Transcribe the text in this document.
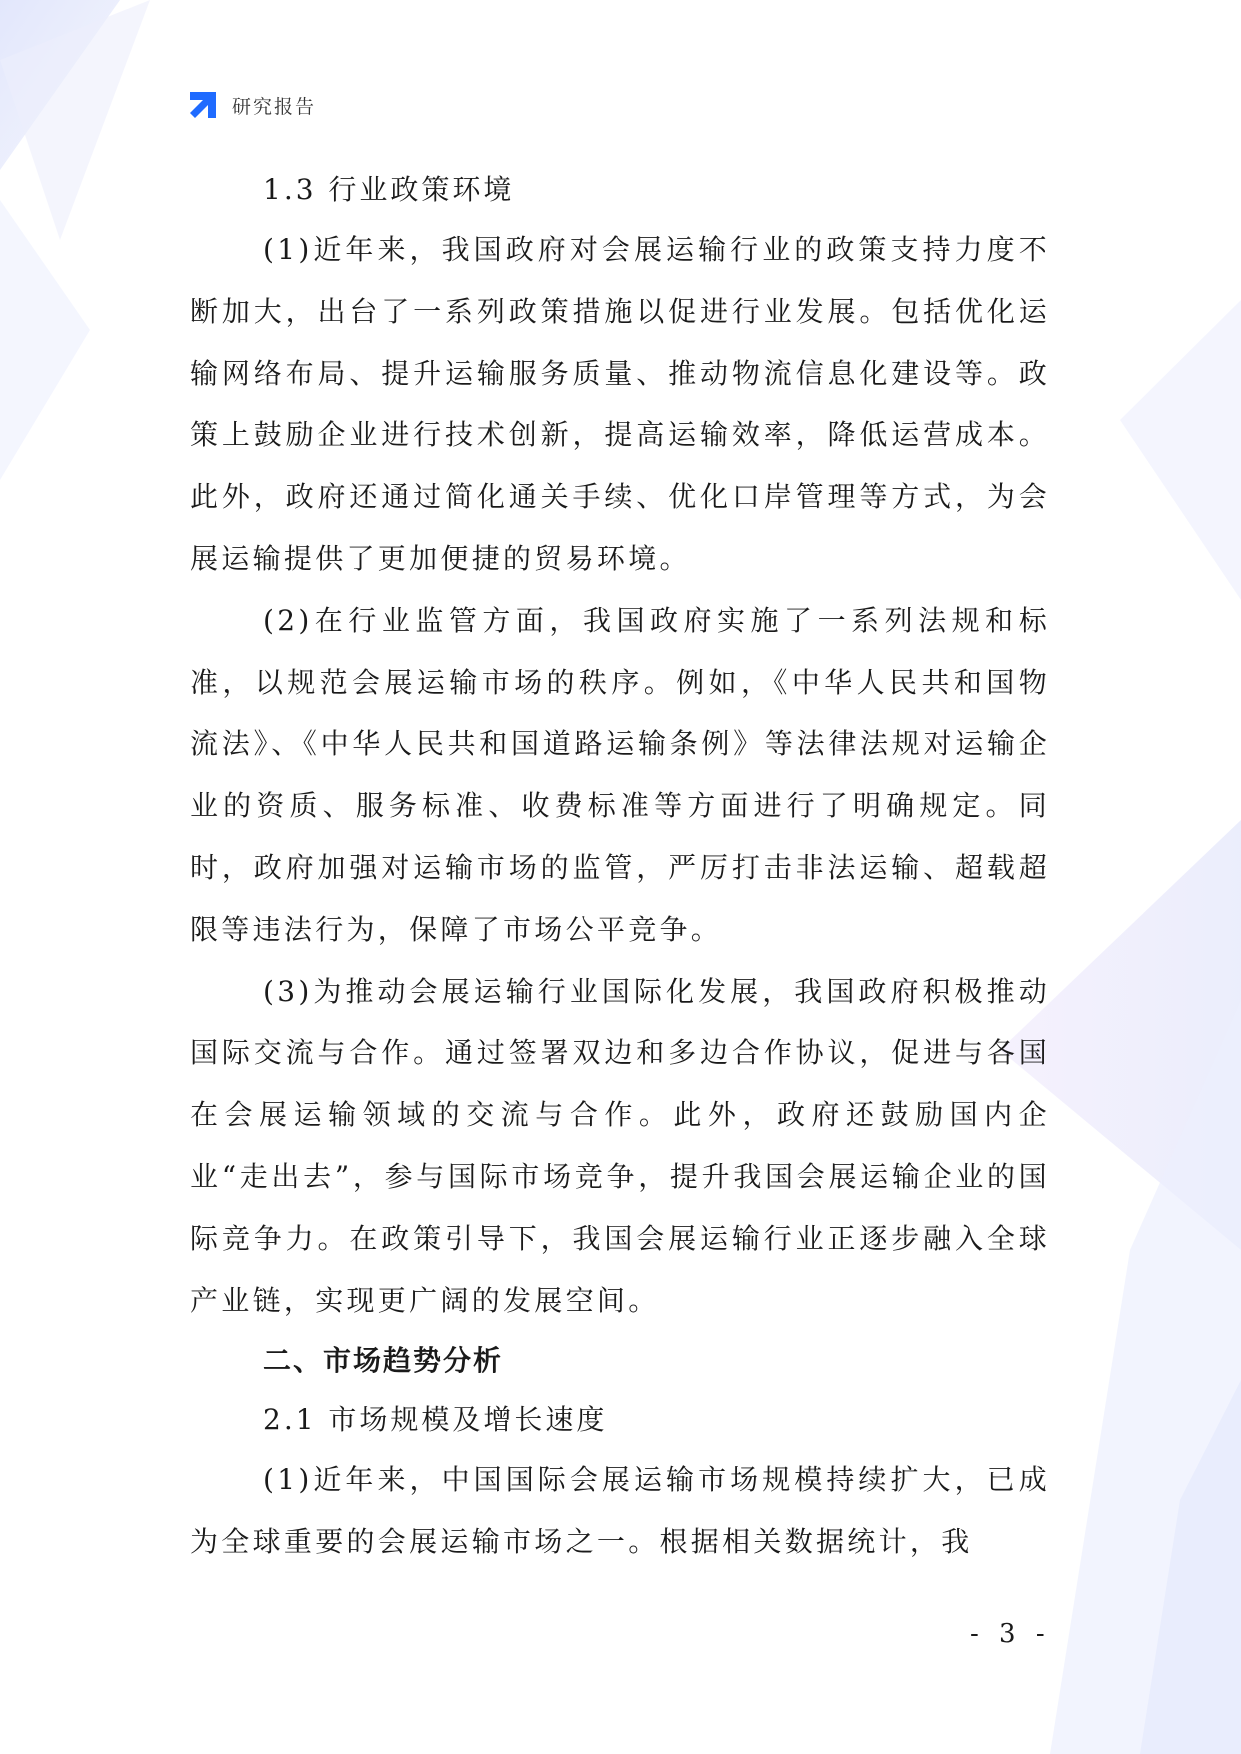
研究报告

1.3 行业政策环境

(1)近年来，我国政府对会展运输行业的政策支持力度不断加大，出台了一系列政策措施以促进行业发展。包括优化运输网络布局、提升运输服务质量、推动物流信息化建设等。政策上鼓励企业进行技术创新，提高运输效率，降低运营成本。此外，政府还通过简化通关手续、优化口岸管理等方式，为会展运输提供了更加便捷的贸易环境。

(2)在行业监管方面，我国政府实施了一系列法规和标准，以规范会展运输市场的秩序。例如，《中华人民共和国物流法》、《中华人民共和国道路运输条例》等法律法规对运输企业的资质、服务标准、收费标准等方面进行了明确规定。同时，政府加强对运输市场的监管，严厉打击非法运输、超载超限等违法行为，保障了市场公平竞争。

(3)为推动会展运输行业国际化发展，我国政府积极推动国际交流与合作。通过签署双边和多边合作协议，促进与各国在会展运输领域的交流与合作。此外，政府还鼓励国内企业“走出去”，参与国际市场竞争，提升我国会展运输企业的国际竞争力。在政策引导下，我国会展运输行业正逐步融入全球产业链，实现更广阔的发展空间。

二、市场趋势分析

2.1 市场规模及增长速度

(1)近年来，中国国际会展运输市场规模持续扩大，已成为全球重要的会展运输市场之一。根据相关数据统计，我

- 3 -
